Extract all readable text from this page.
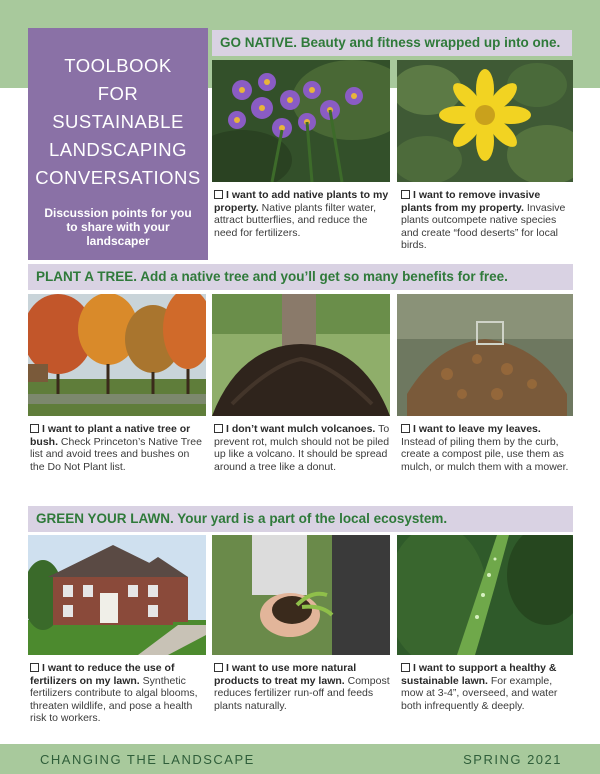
TOOLBOOK
FOR
SUSTAINABLE
LANDSCAPING
CONVERSATIONS
Discussion points for you to share with your landscaper
GO NATIVE. Beauty and fitness wrapped up into one.
I want to add native plants to my property. Native plants filter water, attract butterflies, and reduce the need for fertilizers.
I want to remove invasive plants from my property. Invasive plants outcompete native species and create “food deserts” for local birds.
PLANT A TREE. Add a native tree and you’ll get so many benefits for free.
I want to plant a native tree or bush. Check Princeton’s Native Tree list and avoid trees and bushes on the Do Not Plant list.
I don’t want mulch volcanoes. To prevent rot, mulch should not be piled up like a volcano. It should be spread around a tree like a donut.
I want to leave my leaves. Instead of piling them by the curb, create a compost pile, use them as mulch, or mulch them with a mower.
GREEN YOUR LAWN. Your yard is a part of the local ecosystem.
I want to reduce the use of fertilizers on my lawn. Synthetic fertilizers contribute to algal blooms, threaten wildlife, and pose a health risk to workers.
I want to use more natural products to treat my lawn. Compost reduces fertilizer run-off and feeds plants naturally.
I want to support a healthy & sustainable lawn. For example, mow at 3-4”, overseed, and water both infrequently & deeply.
CHANGING THE LANDSCAPE	SPRING 2021
